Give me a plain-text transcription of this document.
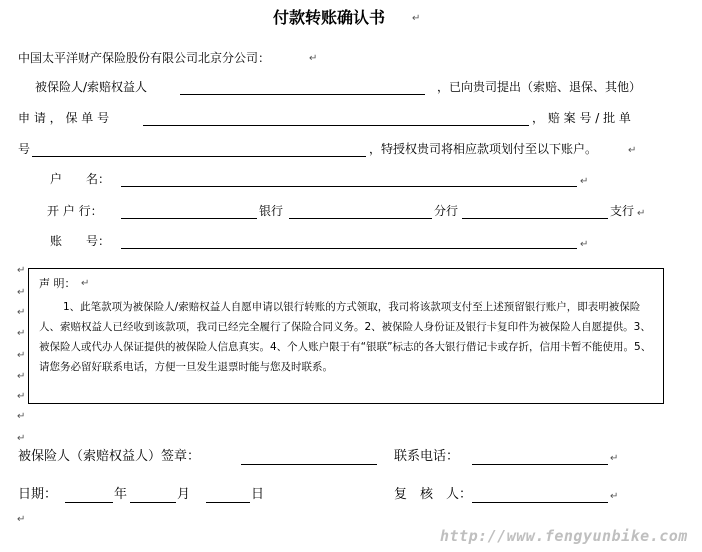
付款转账确认书	↵
中国太平洋财产保险股份有限公司北京分公司：	↵
被保险人/索赔权益人	，已向贵司提出（索赔、退保、其他）
申 请 ， 保 单 号	， 赔 案 号 / 批 单
号	，特授权贵司将相应款项划付至以下账户。	↵
户　　名：	↵
开 户 行：	银行	分行	支行 ↵
账　　号：	↵
↵
↵
↵
↵
↵
↵
↵
↵
↵
声 明： ↵
1、此笔款项为被保险人/索赔权益人自愿申请以银行转账的方式领取，我司将该款项支付至上述预留银行账户，即表明被保险人、索赔权益人已经收到该款项，我司已经完全履行了保险合同义务。2、被保险人身份证及银行卡复印件为被保险人自愿提供。3、被保险人或代办人保证提供的被保险人信息真实。4、个人账户限于有“银联”标志的各大银行借记卡或存折，信用卡暂不能使用。5、请您务必留好联系电话，方便一旦发生退票时能与您及时联系。
被保险人（索赔权益人）签章：	联系电话：	↵
日期：	年	月	日	复　核　人：	↵
↵
http://www.fengyunbike.com
